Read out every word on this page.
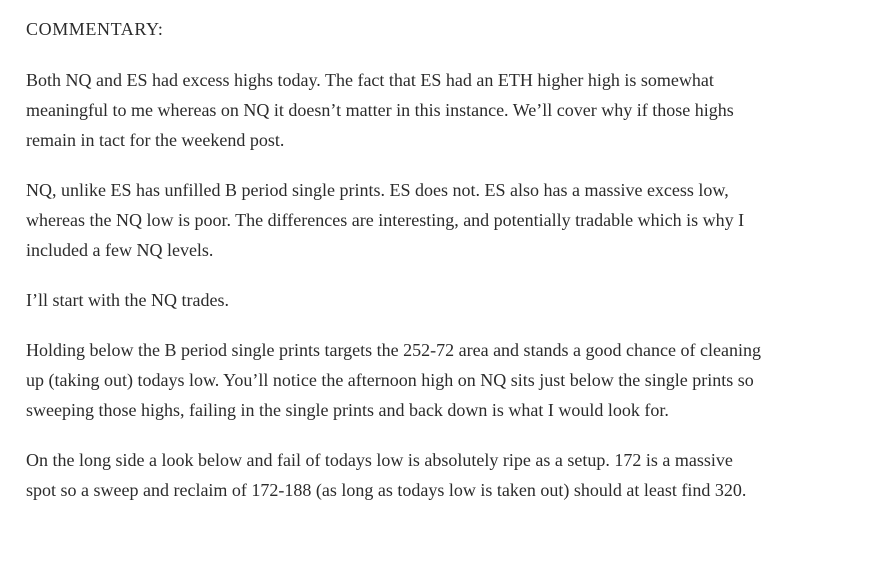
COMMENTARY:

Both NQ and ES had excess highs today. The fact that ES had an ETH higher high is somewhat meaningful to me whereas on NQ it doesn’t matter in this instance. We’ll cover why if those highs remain in tact for the weekend post.

NQ, unlike ES has unfilled B period single prints. ES does not. ES also has a massive excess low, whereas the NQ low is poor. The differences are interesting, and potentially tradable which is why I included a few NQ levels.

I’ll start with the NQ trades.

Holding below the B period single prints targets the 252-72 area and stands a good chance of cleaning up (taking out) todays low. You’ll notice the afternoon high on NQ sits just below the single prints so sweeping those highs, failing in the single prints and back down is what I would look for.

On the long side a look below and fail of todays low is absolutely ripe as a setup. 172 is a massive spot so a sweep and reclaim of 172-188 (as long as todays low is taken out) should at least find 320.
